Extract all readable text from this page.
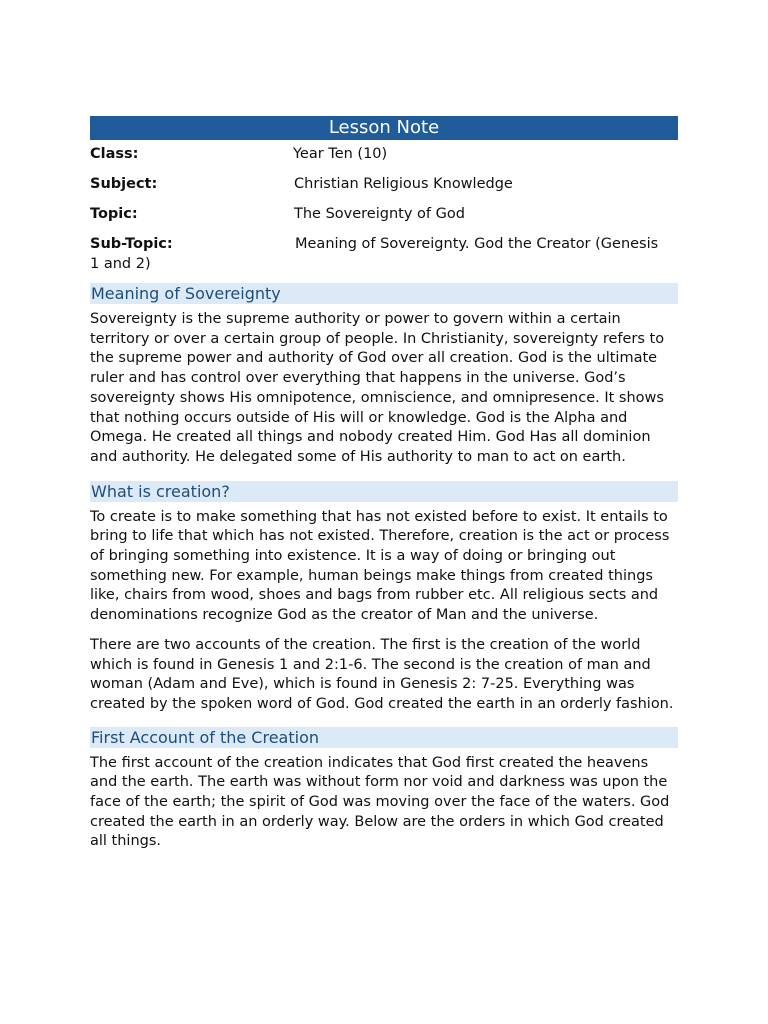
Lesson Note
Class:	Year Ten (10)
Subject:	Christian Religious Knowledge
Topic:	The Sovereignty of God
Sub-Topic:	Meaning of Sovereignty. God the Creator (Genesis
1 and 2)
Meaning of Sovereignty

Sovereignty is the supreme authority or power to govern within a certain territory or over a certain group of people. In Christianity, sovereignty refers to the supreme power and authority of God over all creation. God is the ultimate ruler and has control over everything that happens in the universe. God’s sovereignty shows His omnipotence, omniscience, and omnipresence. It shows that nothing occurs outside of His will or knowledge. God is the Alpha and Omega. He created all things and nobody created Him. God Has all dominion and authority. He delegated some of His authority to man to act on earth.

What is creation?

To create is to make something that has not existed before to exist. It entails to bring to life that which has not existed. Therefore, creation is the act or process of bringing something into existence. It is a way of doing or bringing out something new. For example, human beings make things from created things like, chairs from wood, shoes and bags from rubber etc. All religious sects and denominations recognize God as the creator of Man and the universe.

There are two accounts of the creation. The first is the creation of the world which is found in Genesis 1 and 2:1-6. The second is the creation of man and woman (Adam and Eve), which is found in Genesis 2: 7-25. Everything was created by the spoken word of God. God created the earth in an orderly fashion.

First Account of the Creation

The first account of the creation indicates that God first created the heavens and the earth. The earth was without form nor void and darkness was upon the face of the earth; the spirit of God was moving over the face of the waters. God created the earth in an orderly way. Below are the orders in which God created all things.
